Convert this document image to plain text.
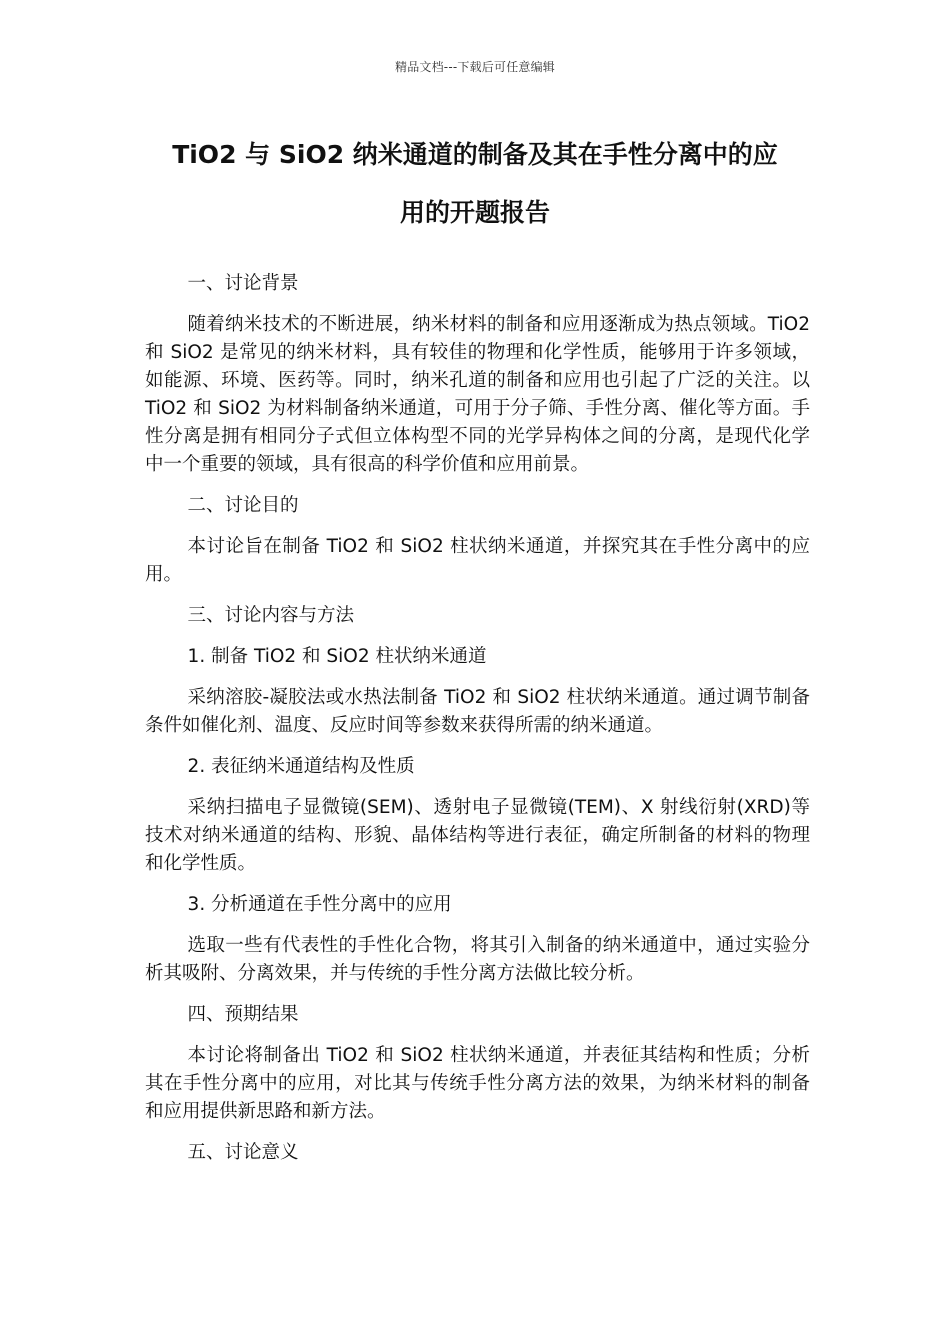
精品文档---下载后可任意编辑
TiO2 与 SiO2 纳米通道的制备及其在手性分离中的应
用的开题报告
一、讨论背景
随着纳米技术的不断进展，纳米材料的制备和应用逐渐成为热点领域。TiO2 和 SiO2 是常见的纳米材料，具有较佳的物理和化学性质，能够用于许多领域，如能源、环境、医药等。同时，纳米孔道的制备和应用也引起了广泛的关注。以 TiO2 和 SiO2 为材料制备纳米通道，可用于分子筛、手性分离、催化等方面。手性分离是拥有相同分子式但立体构型不同的光学异构体之间的分离，是现代化学中一个重要的领域，具有很高的科学价值和应用前景。
二、讨论目的
本讨论旨在制备 TiO2 和 SiO2 柱状纳米通道，并探究其在手性分离中的应用。
三、讨论内容与方法
1. 制备 TiO2 和 SiO2 柱状纳米通道
采纳溶胶-凝胶法或水热法制备 TiO2 和 SiO2 柱状纳米通道。通过调节制备条件如催化剂、温度、反应时间等参数来获得所需的纳米通道。
2. 表征纳米通道结构及性质
采纳扫描电子显微镜(SEM)、透射电子显微镜(TEM)、X 射线衍射(XRD)等技术对纳米通道的结构、形貌、晶体结构等进行表征，确定所制备的材料的物理和化学性质。
3. 分析通道在手性分离中的应用
选取一些有代表性的手性化合物，将其引入制备的纳米通道中，通过实验分析其吸附、分离效果，并与传统的手性分离方法做比较分析。
四、预期结果
本讨论将制备出 TiO2 和 SiO2 柱状纳米通道，并表征其结构和性质；分析其在手性分离中的应用，对比其与传统手性分离方法的效果，为纳米材料的制备和应用提供新思路和新方法。
五、讨论意义
